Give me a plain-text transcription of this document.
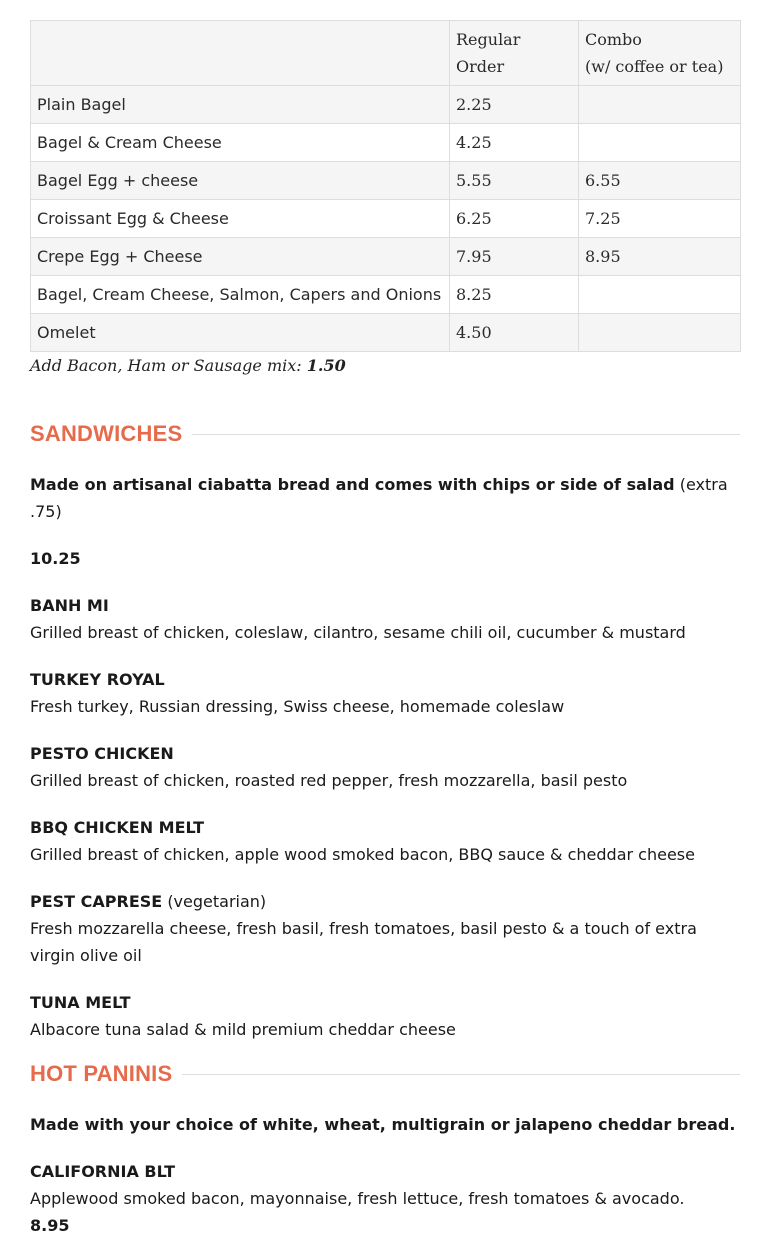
	Regular Order	Combo
(w/ coffee or tea)
Plain Bagel	2.25	
Bagel & Cream Cheese	4.25	
Bagel Egg + cheese	5.55	6.55
Croissant Egg & Cheese	6.25	7.25
Crepe Egg + Cheese	7.95	8.95
Bagel, Cream Cheese, Salmon, Capers and Onions	8.25	
Omelet	4.50	
Add Bacon, Ham or Sausage mix: 1.50
SANDWICHES

Made on artisanal ciabatta bread and comes with chips or side of salad (extra .75)

10.25

BANH MI

Grilled breast of chicken, coleslaw, cilantro, sesame chili oil, cucumber & mustard

TURKEY ROYAL

Fresh turkey, Russian dressing, Swiss cheese, homemade coleslaw

PESTO CHICKEN

Grilled breast of chicken, roasted red pepper, fresh mozzarella, basil pesto

BBQ CHICKEN MELT

Grilled breast of chicken, apple wood smoked bacon, BBQ sauce & cheddar cheese

PEST CAPRESE (vegetarian)

Fresh mozzarella cheese, fresh basil, fresh tomatoes, basil pesto & a touch of extra virgin olive oil

TUNA MELT

Albacore tuna salad & mild premium cheddar cheese

HOT PANINIS

Made with your choice of white, wheat, multigrain or jalapeno cheddar bread.

CALIFORNIA BLT

Applewood smoked bacon, mayonnaise, fresh lettuce, fresh tomatoes & avocado.

8.95
